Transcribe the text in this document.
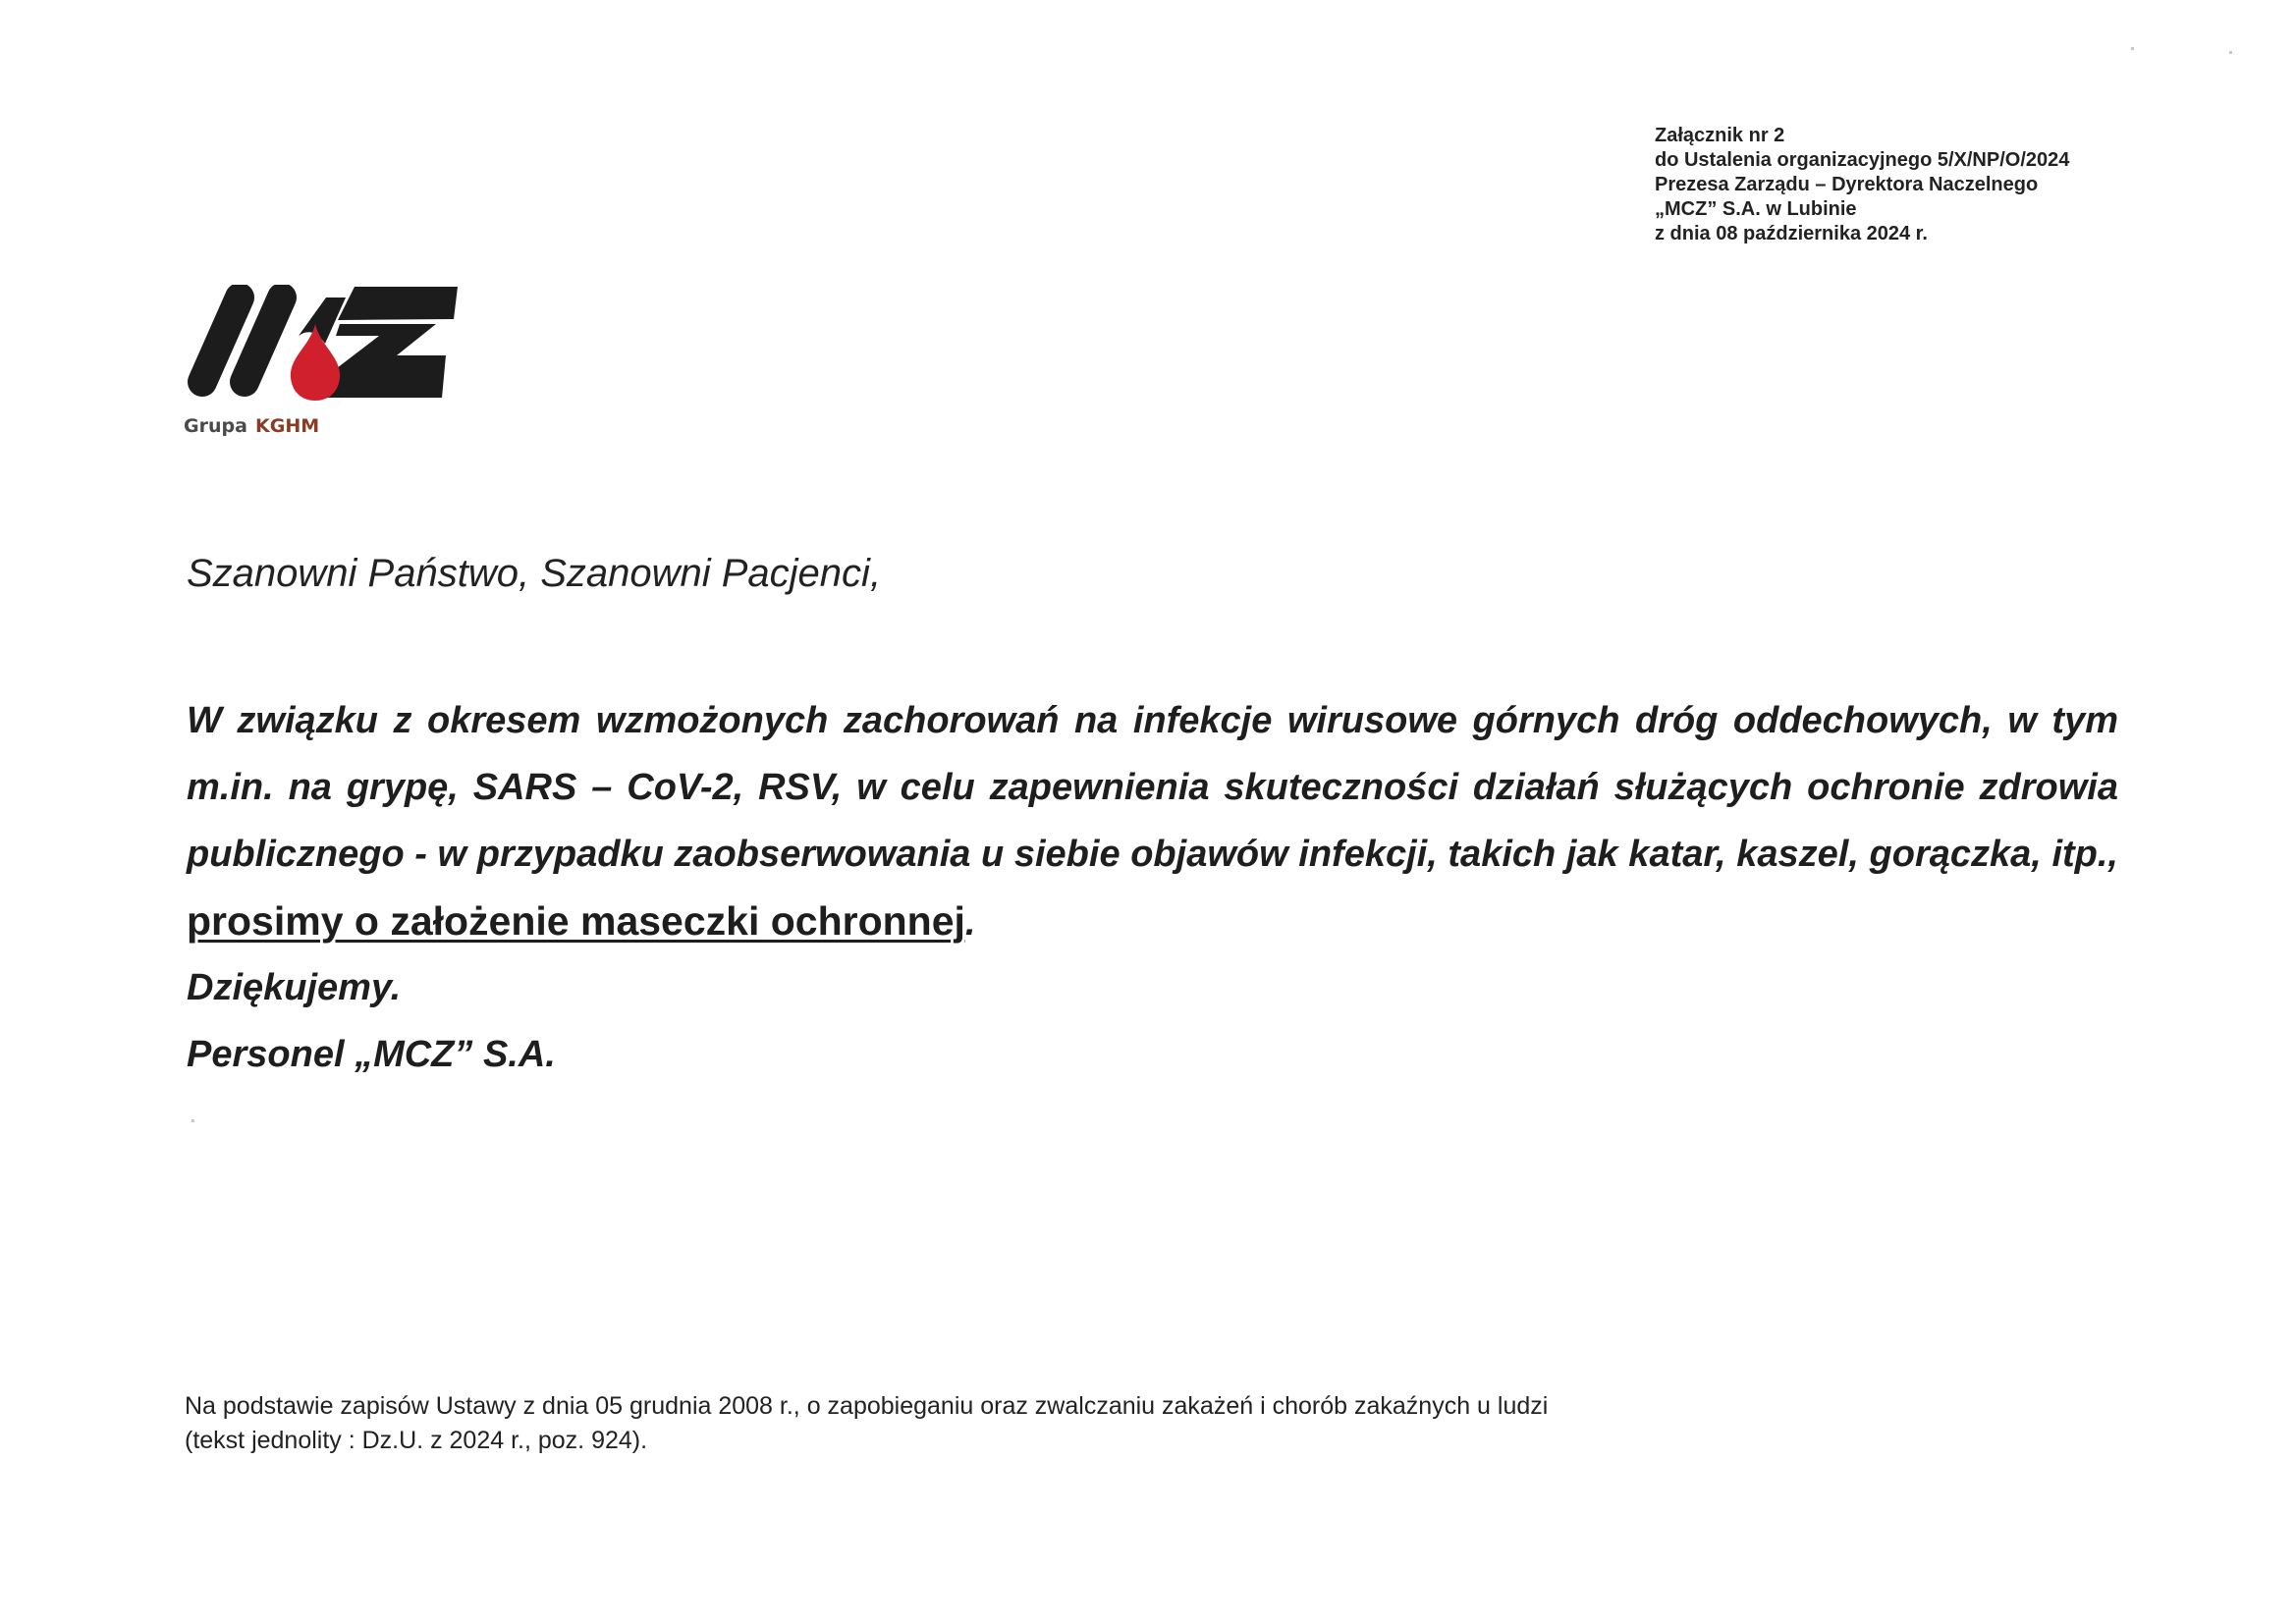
Załącznik nr 2
do Ustalenia organizacyjnego 5/X/NP/O/2024
Prezesa Zarządu – Dyrektora Naczelnego
„MCZ” S.A. w Lubinie
z dnia 08 października 2024 r.
Grupa KGHM
Szanowni Państwo, Szanowni Pacjenci,
W związku z okresem wzmożonych zachorowań na infekcje wirusowe górnych dróg oddechowych, w tym m.in. na grypę, SARS – CoV-2, RSV, w celu zapewnienia skuteczności działań służących ochronie zdrowia publicznego - w przypadku zaobserwowania u siebie objawów infekcji, takich jak katar, kaszel, gorączka, itp., prosimy o założenie maseczki ochronnej.
Dziękujemy.
Personel „MCZ” S.A.
Na podstawie zapisów Ustawy z dnia 05 grudnia 2008 r., o zapobieganiu oraz zwalczaniu zakażeń i chorób zakaźnych u ludzi
(tekst jednolity : Dz.U. z 2024 r., poz. 924).
